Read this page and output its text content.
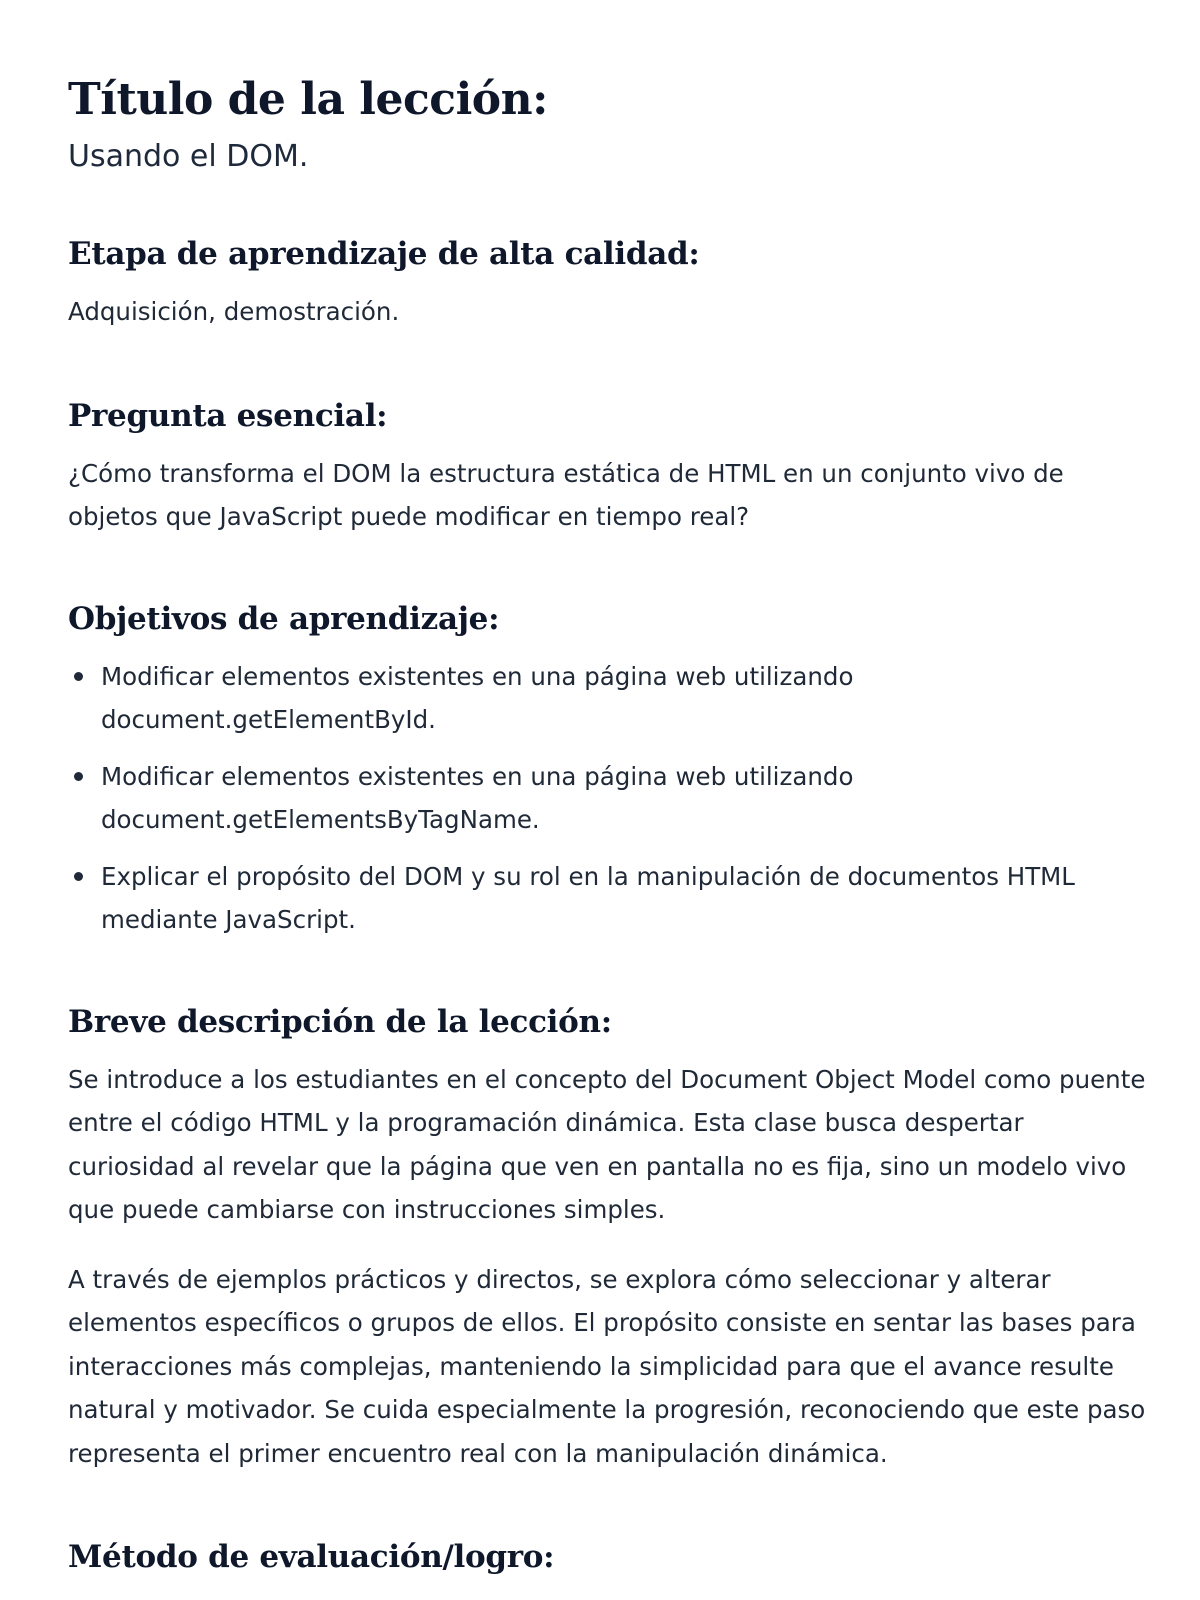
Título de la lección:

Usando el DOM.

Etapa de aprendizaje de alta calidad:

Adquisición, demostración.

Pregunta esencial:

¿Cómo transforma el DOM la estructura estática de HTML en un conjunto vivo de objetos que JavaScript puede modificar en tiempo real?

Objetivos de aprendizaje:
Modificar elementos existentes en una página web utilizando document.getElementById.
Modificar elementos existentes en una página web utilizando document.getElementsByTagName.
Explicar el propósito del DOM y su rol en la manipulación de documentos HTML mediante JavaScript.
Breve descripción de la lección:

Se introduce a los estudiantes en el concepto del Document Object Model como puente entre el código HTML y la programación dinámica. Esta clase busca despertar curiosidad al revelar que la página que ven en pantalla no es fija, sino un modelo vivo que puede cambiarse con instrucciones simples.

A través de ejemplos prácticos y directos, se explora cómo seleccionar y alterar elementos específicos o grupos de ellos. El propósito consiste en sentar las bases para interacciones más complejas, manteniendo la simplicidad para que el avance resulte natural y motivador. Se cuida especialmente la progresión, reconociendo que este paso representa el primer encuentro real con la manipulación dinámica.

Método de evaluación/logro:
